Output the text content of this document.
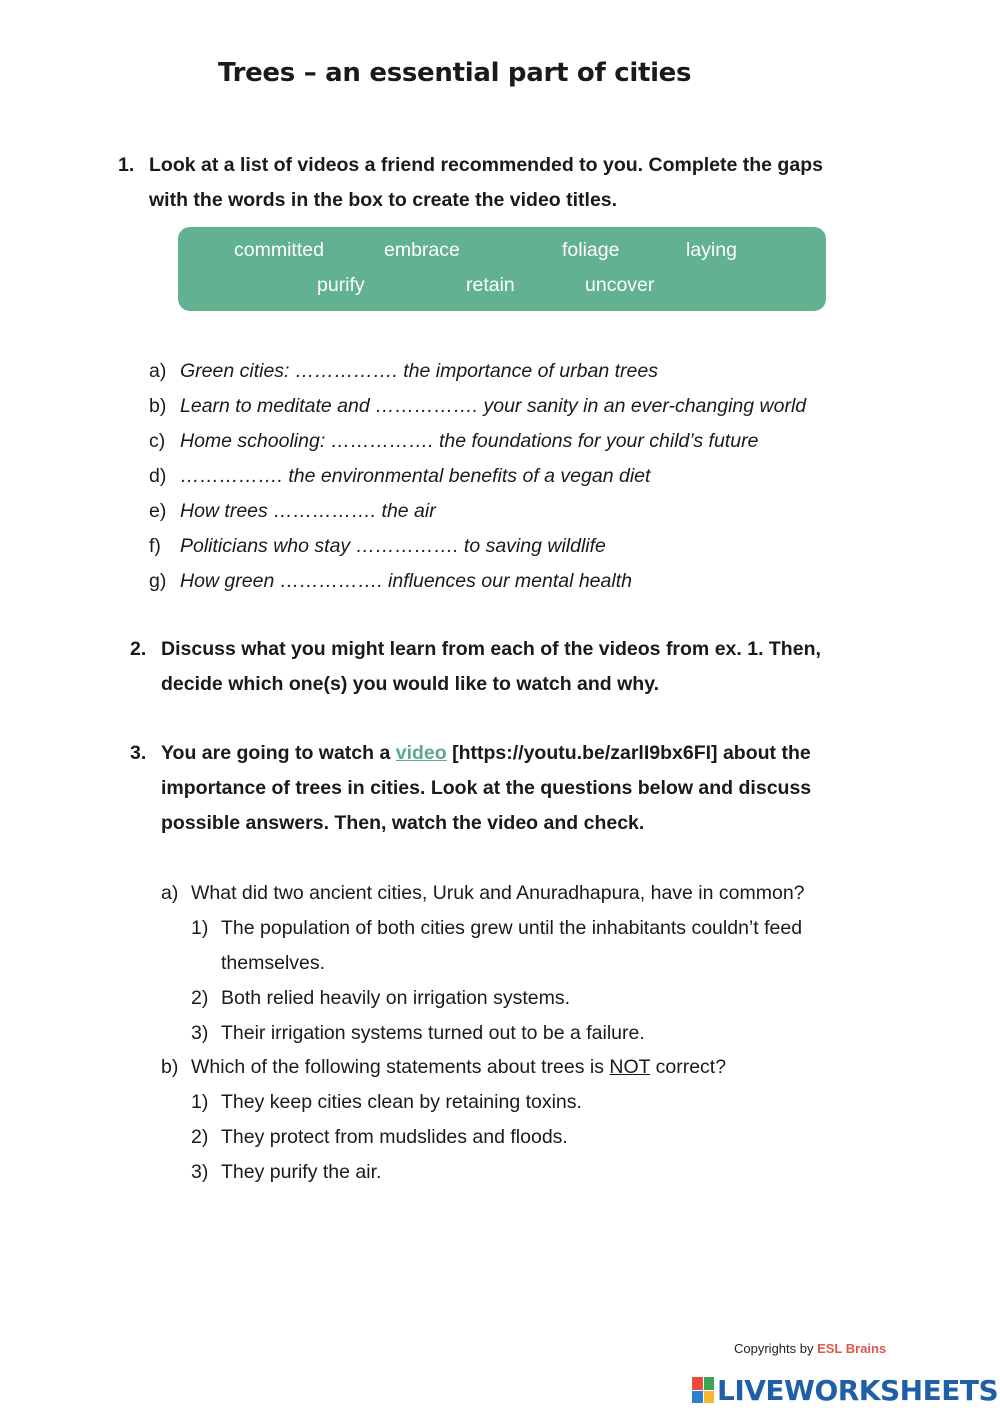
Trees – an essential part of cities
1. Look at a list of videos a friend recommended to you. Complete the gaps with the words in the box to create the video titles.
committed	embrace	foliage	laying
purify	retain	uncover
a) Green cities: ……………. the importance of urban trees
b) Learn to meditate and ……………. your sanity in an ever-changing world
c) Home schooling: ……………. the foundations for your child’s future
d) ……………. the environmental benefits of a vegan diet
e) How trees ……………. the air
f) Politicians who stay ……………. to saving wildlife
g) How green ……………. influences our mental health
2. Discuss what you might learn from each of the videos from ex. 1. Then, decide which one(s) you would like to watch and why.
3. You are going to watch a video [https://youtu.be/zarlI9bx6FI] about the importance of trees in cities. Look at the questions below and discuss possible answers. Then, watch the video and check.
a) What did two ancient cities, Uruk and Anuradhapura, have in common?
1) The population of both cities grew until the inhabitants couldn’t feed
themselves.
2) Both relied heavily on irrigation systems.
3) Their irrigation systems turned out to be a failure.
b) Which of the following statements about trees is NOT correct?
1) They keep cities clean by retaining toxins.
2) They protect from mudslides and floods.
3) They purify the air.
Copyrights by ESL Brains
LIVEWORKSHEETS
